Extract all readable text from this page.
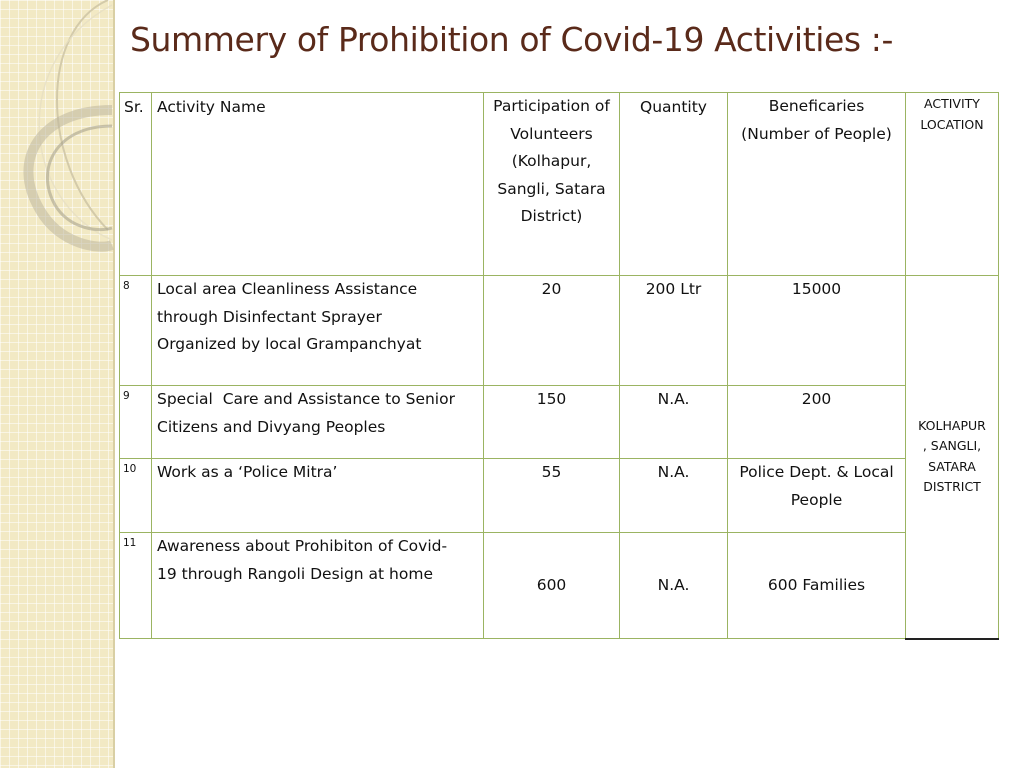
Summery of Prohibition of Covid-19 Activities :-
Sr.	Activity Name	Participation of
Volunteers
(Kolhapur,
Sangli, Satara
District)	Quantity	Beneficaries
(Number of People)	ACTIVITY
LOCATION

8	Local area Cleanliness Assistance
through Disinfectant Sprayer
Organized by local Grampanchyat	20	200 Ltr	15000	KOLHAPUR
, SANGLI,
SATARA
DISTRICT

9	Special  Care and Assistance to Senior
Citizens and Divyang Peoples	150	N.A.	200	
10	Work as a ‘Police Mitra’	55	N.A.	Police Dept. & Local
People	

11	Awareness about Prohibiton of Covid-
19 through Rangoli Design at home	600	N.A.	600 Families	
